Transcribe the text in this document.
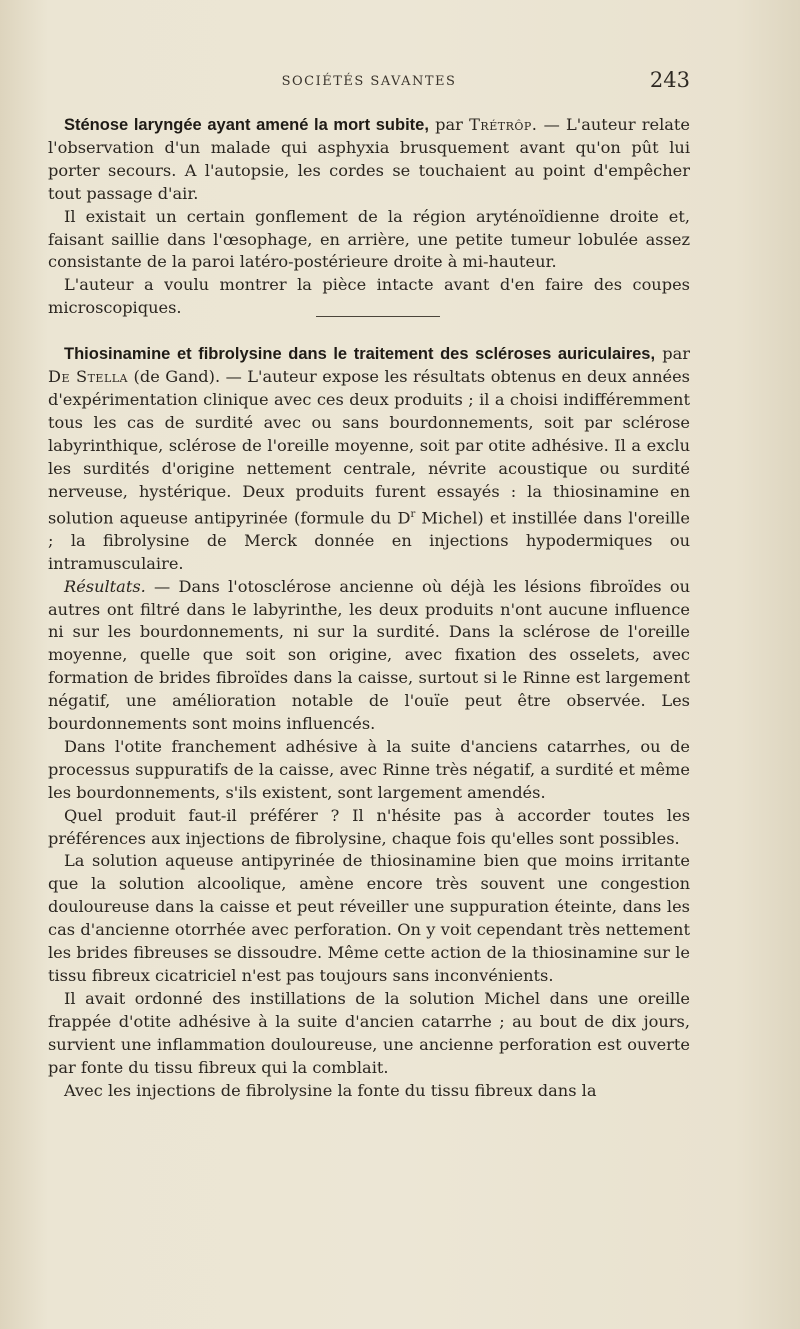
SOCIÉTÉS SAVANTES	243

Sténose laryngée ayant amené la mort subite, par Trétrôp. — L'auteur relate l'observation d'un malade qui asphyxia brusquement avant qu'on pût lui porter secours. A l'autopsie, les cordes se touchaient au point d'empêcher tout passage d'air.

Il existait un certain gonflement de la région aryténoïdienne droite et, faisant saillie dans l'œsophage, en arrière, une petite tumeur lobulée assez consistante de la paroi latéro-postérieure droite à mi-hauteur.

L'auteur a voulu montrer la pièce intacte avant d'en faire des coupes microscopiques.

Thiosinamine et fibrolysine dans le traitement des scléroses auriculaires, par De Stella (de Gand). — L'auteur expose les résultats obtenus en deux années d'expérimentation clinique avec ces deux produits ; il a choisi indifféremment tous les cas de surdité avec ou sans bourdonnements, soit par sclérose labyrinthique, sclérose de l'oreille moyenne, soit par otite adhésive. Il a exclu les surdités d'origine nettement centrale, névrite acoustique ou surdité nerveuse, hystérique. Deux produits furent essayés : la thiosinamine en solution aqueuse antipyrinée (formule du $D^r$ Michel) et instillée dans l'oreille ; la fibrolysine de Merck donnée en injections hypodermiques ou intramusculaire.

Résultats. — Dans l'otosclérose ancienne où déjà les lésions fibroïdes ou autres ont filtré dans le labyrinthe, les deux produits n'ont aucune influence ni sur les bourdonnements, ni sur la surdité. Dans la sclérose de l'oreille moyenne, quelle que soit son origine, avec fixation des osselets, avec formation de brides fibroïdes dans la caisse, surtout si le Rinne est largement négatif, une amélioration notable de l'ouïe peut être observée. Les bourdonnements sont moins influencés.

Dans l'otite franchement adhésive à la suite d'anciens catarrhes, ou de processus suppuratifs de la caisse, avec Rinne très négatif, a surdité et même les bourdonnements, s'ils existent, sont largement amendés.

Quel produit faut-il préférer ? Il n'hésite pas à accorder toutes les préférences aux injections de fibrolysine, chaque fois qu'elles sont possibles.

La solution aqueuse antipyrinée de thiosinamine bien que moins irritante que la solution alcoolique, amène encore très souvent une congestion douloureuse dans la caisse et peut réveiller une suppuration éteinte, dans les cas d'ancienne otorrhée avec perforation. On y voit cependant très nettement les brides fibreuses se dissoudre. Même cette action de la thiosinamine sur le tissu fibreux cicatriciel n'est pas toujours sans inconvénients.

Il avait ordonné des instillations de la solution Michel dans une oreille frappée d'otite adhésive à la suite d'ancien catarrhe ; au bout de dix jours, survient une inflammation douloureuse, une ancienne perforation est ouverte par fonte du tissu fibreux qui la comblait.

Avec les injections de fibrolysine la fonte du tissu fibreux dans la
